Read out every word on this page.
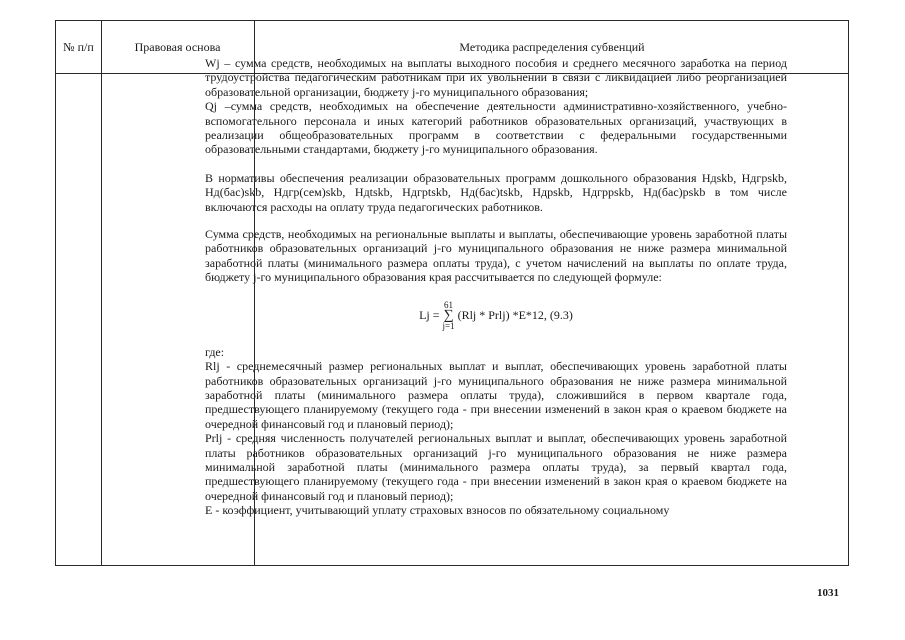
№ п/п	Правовая основа	Методика распределения субвенций

Wj – сумма средств, необходимых на выплаты выходного пособия и среднего месячного заработка на период трудоустройства педагогическим работникам при их увольнении в связи с ликвидацией либо реорганизацией образовательной организации, бюджету j-го муниципального образования;

Qj –сумма средств, необходимых на обеспечение деятельности административно-хозяйственного, учебно-вспомогательного персонала и иных категорий работников образовательных организаций, участвующих в реализации общеобразовательных программ в соответствии с федеральными государственными образовательными стандартами, бюджету j-го муниципального образования.

В нормативы обеспечения реализации образовательных программ дошкольного образования Ндskb, Ндгрskb, Нд(бас)skb, Ндгр(сем)skb, Ндtskb, Ндгрtskb, Нд(бас)tskb, Ндpskb, Ндгрpskb, Нд(бас)pskb в том числе включаются расходы на оплату труда педагогических работников.

Сумма средств, необходимых на региональные выплаты и выплаты, обеспечивающие уровень заработной платы работников образовательных организаций j-го муниципального образования не ниже размера минимальной заработной платы (минимального размера оплаты труда), с учетом начислений на выплаты по оплате труда, бюджету j-го муниципального образования края рассчитывается по следующей формуле:

Lj =
61
∑
j=1
(Rlj * Prlj) *E*12, (9.3)

где:

Rlj - среднемесячный размер региональных выплат и выплат, обеспечивающих уровень заработной платы работников образовательных организаций j-го муниципального образования не ниже размера минимальной заработной платы (минимального размера оплаты труда), сложившийся в первом квартале года, предшествующего планируемому (текущего года - при внесении изменений в закон края о краевом бюджете на очередной финансовый год и плановый период);

Prlj - средняя численность получателей региональных выплат и выплат, обеспечивающих уровень заработной платы работников образовательных организаций j-го муниципального образования не ниже размера минимальной заработной платы (минимального размера оплаты труда), за первый квартал года, предшествующего планируемому (текущего года - при внесении изменений в закон края о краевом бюджете на очередной финансовый год и плановый период);

E - коэффициент, учитывающий уплату страховых взносов по обязательному социальному

1031
